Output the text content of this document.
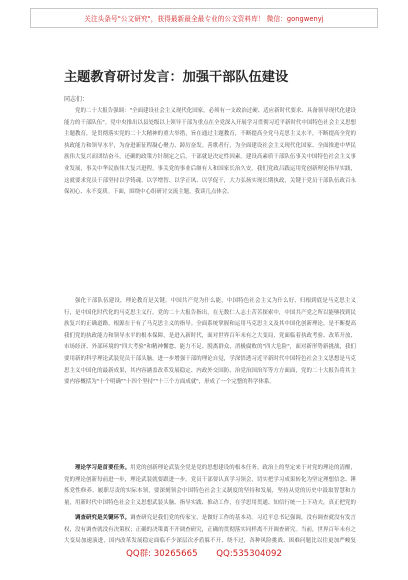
关注头条号"公文研究"，获得最新最全最专业的公文资料库！ 微信：gongwenyj
主题教育研讨发言：加强干部队伍建设
同志们：

党的二十大报告强调："全面建设社会主义现代化国家，必须有一支政治过硬、适应新时代要求、具备领导现代化建设能力的干部队伍"。党中央推出以县处级以上领导干部为重点在全党深入开展学习贯彻习近平新时代中国特色社会主义思想主题教育，是贯彻落实党的二十大精神的重大举措，旨在通过主题教育，不断提高全党马克思主义水平，不断提高全党的执政能力和领导水平，为奋进新征程凝心聚力、踔厉奋发。善歌者行，为全面建设社会主义现代化国家、全面推进中华民族伟大复兴而团结奋斗，还确的政策方针制定之后，干部就是决定性因素。建设高素质干部队伍事关中国特色社会主义事业发展，事关中华民族伟大复兴进程，事关党的事业后继有人和国家长治久安。我们党政吕践运用党创新理论指导实践，这就要求党员干部坚持以学铸魂、以学增智、以学正风、以学促干，大力弘扬实现长期执政，关键于党员干部队伍政百永保初心、永不变质。下面，围绕中心组研讨交流主题，我谈几点体会。

强化干部队伍建设，理论教育是关键。中国共产党为什么能，中国特色社会主义为什么好，归根到底是马克思主义行，是中国化时代化的马克思主义行。党的二十大报告指出，在无数仁人志士苦苦探索中，中国共产党之所以能够找到民族复兴的正确道路，根源在于有了马克思主义的指导。全面系统掌握和运用马克思主义及其中国化创新理论，是不断提高我们党的执政能力和领导水平的根本保障，是进入新时代，面对世界百年未有之大变局，党面临着执政考验、改革开放、市场经济、外部环境的"四大考验"和精神懈怠、能力不足、脱离群众、消极腐败的"四大危险"，面对新形势新挑战，我们要用新的科学理论武装党员干部头脑，进一步增强干部的理论自觉，学深悟透习近平新时代中国特色社会主义思想是马克思主义中国化的最新成果，其内容涵盖改革发展稳定、内政外交国防、治党治国治军等方方面面，党的二十大报告将其主要内容概括为"十个明确""十四个坚持""十三个方面成就"，形成了一个完整的科学体系。

理论学习是首要任务。用党的创新理论武装全党是党的思想建设的根本任务。政治上的坚定来于对党的理论的清醒，党的理论创新每前进一步，理论武装就要跟进一步。党员干部要认真学习领会，切实把学习成果转化为坚定理想信念、锤炼党性修养、履职尽责的实际本领，要深刻领会中国特色社会主义制度的坚持和发展，坚持从党的历史中汲取智慧和力量，用新时代中国特色社会主义思想武装头脑、指导实践、推动工作，在学思用贯通、知信行统一上下功夫，真正把党的

调查研究是关键环节。调查研究是我们党的传家宝，是做好工作的基本功。习近平总书记强调，没有调查就没有发言权，没有调查就没有决策权；正确的决策离不开调查研究，正确的贯彻落实同样离不开调查研究。当前，世界百年未有之大变局加速演进，国内改革发展稳定面临不少深层次矛盾躲不开、绕不过，各种风险挑战、困难问题比以往更加严峻复

QQ群: 30265665 QQ:535304092
